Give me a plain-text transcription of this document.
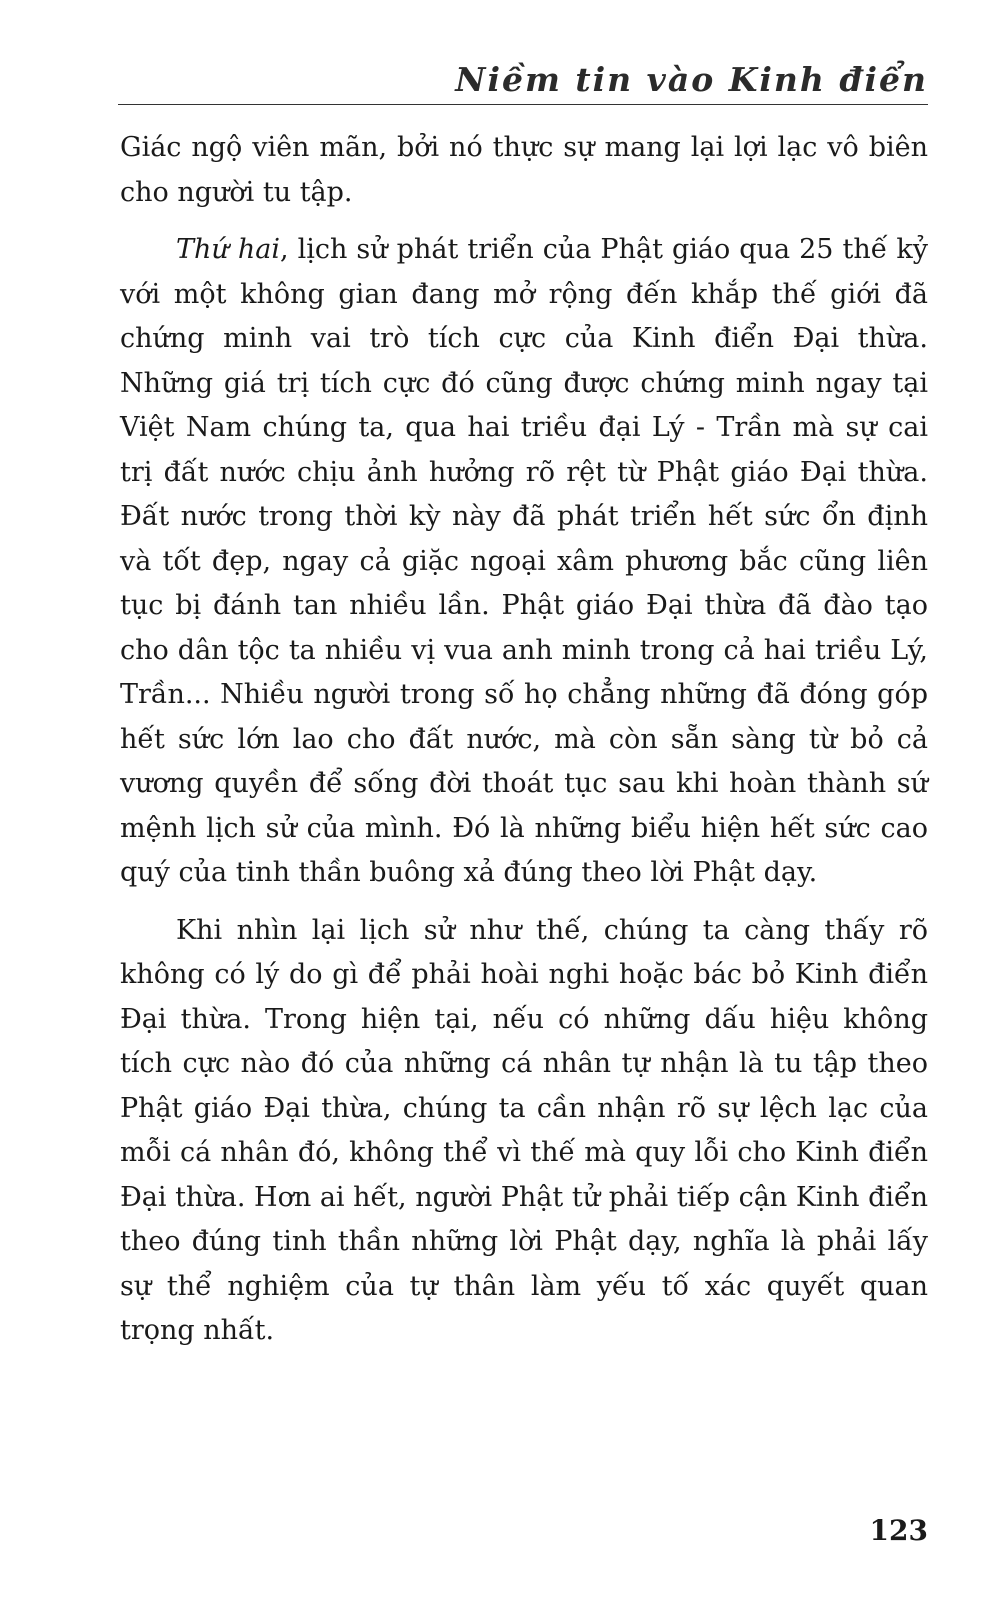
Niềm tin vào Kinh điển

Giác ngộ viên mãn, bởi nó thực sự mang lại lợi lạc vô biên cho người tu tập.

Thứ hai, lịch sử phát triển của Phật giáo qua 25 thế kỷ với một không gian đang mở rộng đến khắp thế giới đã chứng minh vai trò tích cực của Kinh điển Đại thừa. Những giá trị tích cực đó cũng được chứng minh ngay tại Việt Nam chúng ta, qua hai triều đại Lý - Trần mà sự cai trị đất nước chịu ảnh hưởng rõ rệt từ Phật giáo Đại thừa. Đất nước trong thời kỳ này đã phát triển hết sức ổn định và tốt đẹp, ngay cả giặc ngoại xâm phương bắc cũng liên tục bị đánh tan nhiều lần. Phật giáo Đại thừa đã đào tạo cho dân tộc ta nhiều vị vua anh minh trong cả hai triều Lý, Trần... Nhiều người trong số họ chẳng những đã đóng góp hết sức lớn lao cho đất nước, mà còn sẵn sàng từ bỏ cả vương quyền để sống đời thoát tục sau khi hoàn thành sứ mệnh lịch sử của mình. Đó là những biểu hiện hết sức cao quý của tinh thần buông xả đúng theo lời Phật dạy.

Khi nhìn lại lịch sử như thế, chúng ta càng thấy rõ không có lý do gì để phải hoài nghi hoặc bác bỏ Kinh điển Đại thừa. Trong hiện tại, nếu có những dấu hiệu không tích cực nào đó của những cá nhân tự nhận là tu tập theo Phật giáo Đại thừa, chúng ta cần nhận rõ sự lệch lạc của mỗi cá nhân đó, không thể vì thế mà quy lỗi cho Kinh điển Đại thừa. Hơn ai hết, người Phật tử phải tiếp cận Kinh điển theo đúng tinh thần những lời Phật dạy, nghĩa là phải lấy sự thể nghiệm của tự thân làm yếu tố xác quyết quan trọng nhất.

123
